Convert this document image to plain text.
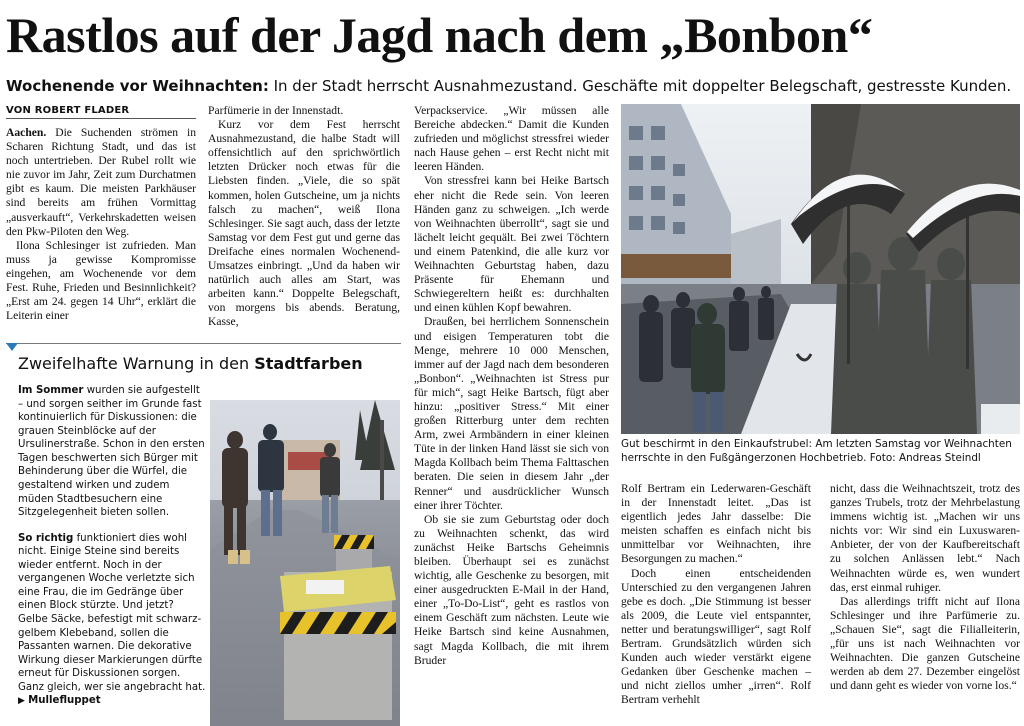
Rastlos auf der Jagd nach dem „Bonbon“
Wochenende vor Weihnachten: In der Stadt herrscht Ausnahmezustand. Geschäfte mit doppelter Belegschaft, gestresste Kunden.
VON ROBERT FLADER

Aachen. Die Suchenden strömen in Scharen Richtung Stadt, und das ist noch untertrieben. Der Rubel rollt wie nie zuvor im Jahr, Zeit zum Durchatmen gibt es kaum. Die meisten Parkhäuser sind bereits am frühen Vormittag „ausverkauft“, Verkehrskadetten weisen den Pkw-Piloten den Weg.

Ilona Schlesinger ist zufrieden. Man muss ja gewisse Kompromisse eingehen, am Wochenende vor dem Fest. Ruhe, Frieden und Besinnlichkeit? „Erst am 24. gegen 14 Uhr“, erklärt die Leiterin einer

Parfümerie in der Innenstadt.

Kurz vor dem Fest herrscht Ausnahmezustand, die halbe Stadt will offensichtlich auf den sprichwörtlich letzten Drücker noch etwas für die Liebsten finden. „Viele, die so spät kommen, holen Gutscheine, um ja nichts falsch zu machen“, weiß Ilona Schlesinger. Sie sagt auch, dass der letzte Samstag vor dem Fest gut und gerne das Dreifache eines normalen Wochenend-Umsatzes einbringt. „Und da haben wir natürlich auch alles am Start, was arbeiten kann.“ Doppelte Belegschaft, von morgens bis abends. Beratung, Kasse,

Verpackservice. „Wir müssen alle Bereiche abdecken.“ Damit die Kunden zufrieden und möglichst stressfrei wieder nach Hause gehen – erst Recht nicht mit leeren Händen.

Von stressfrei kann bei Heike Bartsch eher nicht die Rede sein. Von leeren Händen ganz zu schweigen. „Ich werde von Weihnachten überrollt“, sagt sie und lächelt leicht gequält. Bei zwei Töchtern und einem Patenkind, die alle kurz vor Weihnachten Geburtstag haben, dazu Präsente für Ehemann und Schwiegereltern heißt es: durchhalten und einen kühlen Kopf bewahren.

Draußen, bei herrlichem Sonnenschein und eisigen Temperaturen tobt die Menge, mehrere 10 000 Menschen, immer auf der Jagd nach dem besonderen „Bonbon“. „Weihnachten ist Stress pur für mich“, sagt Heike Bartsch, fügt aber hinzu: „positiver Stress.“ Mit einer großen Ritterburg unter dem rechten Arm, zwei Armbändern in einer kleinen Tüte in der linken Hand lässt sie sich von Magda Kollbach beim Thema Falttaschen beraten. Die seien in diesem Jahr „der Renner“ und ausdrücklicher Wunsch einer ihrer Töchter.

Ob sie sie zum Geburtstag oder doch zu Weihnachten schenkt, das wird zunächst Heike Bartschs Geheimnis bleiben. Überhaupt sei es zunächst wichtig, alle Geschenke zu besorgen, mit einer ausgedruckten E-Mail in der Hand, einer „To-Do-List“, geht es rastlos von einem Geschäft zum nächsten. Leute wie Heike Bartsch sind keine Ausnahmen, sagt Magda Kollbach, die mit ihrem Bruder

Zweifelhafte Warnung in den Stadtfarben

Im Sommer wurden sie aufgestellt – und sorgen seither im Grunde fast kontinuierlich für Diskussionen: die grauen Steinblöcke auf der Ursulinerstraße. Schon in den ersten Tagen beschwerten sich Bürger mit Behinderung über die Würfel, die gestaltend wirken und zudem müden Stadtbesuchern eine Sitzgelegenheit bieten sollen.

So richtig funktioniert dies wohl nicht. Einige Steine sind bereits wieder entfernt. Noch in der vergangenen Woche verletzte sich eine Frau, die im Gedränge über einen Block stürzte. Und jetzt? Gelbe Säcke, befestigt mit schwarz-gelbem Klebeband, sollen die Passanten warnen. Die dekorative Wirkung dieser Markierungen dürfte erneut für Diskussionen sorgen. Ganz gleich, wer sie angebracht hat. ▶ Mullefluppet

Gut beschirmt in den Einkaufstrubel: Am letzten Samstag vor Weihnachten herrschte in den Fußgängerzonen Hochbetrieb. Foto: Andreas Steindl

Rolf Bertram ein Lederwaren-Geschäft in der Innenstadt leitet. „Das ist eigentlich jedes Jahr dasselbe: Die meisten schaffen es einfach nicht bis unmittelbar vor Weihnachten, ihre Besorgungen zu machen.“

Doch einen entscheidenden Unterschied zu den vergangenen Jahren gebe es doch. „Die Stimmung ist besser als 2009, die Leute viel entspannter, netter und beratungswilliger“, sagt Rolf Bertram. Grundsätzlich würden sich Kunden auch wieder verstärkt eigene Gedanken über Geschenke machen – und nicht ziellos umher „irren“. Rolf Bertram verhehlt

nicht, dass die Weihnachtszeit, trotz des ganzes Trubels, trotz der Mehrbelastung immens wichtig ist. „Machen wir uns nichts vor: Wir sind ein Luxuswaren-Anbieter, der von der Kaufbereitschaft zu solchen Anlässen lebt.“ Nach Weihnachten würde es, wen wundert das, erst einmal ruhiger.

Das allerdings trifft nicht auf Ilona Schlesinger und ihre Parfümerie zu. „Schauen Sie“, sagt die Filialleiterin, „für uns ist nach Weihnachten vor Weihnachten. Die ganzen Gutscheine werden ab dem 27. Dezember eingelöst und dann geht es wieder von vorne los.“
